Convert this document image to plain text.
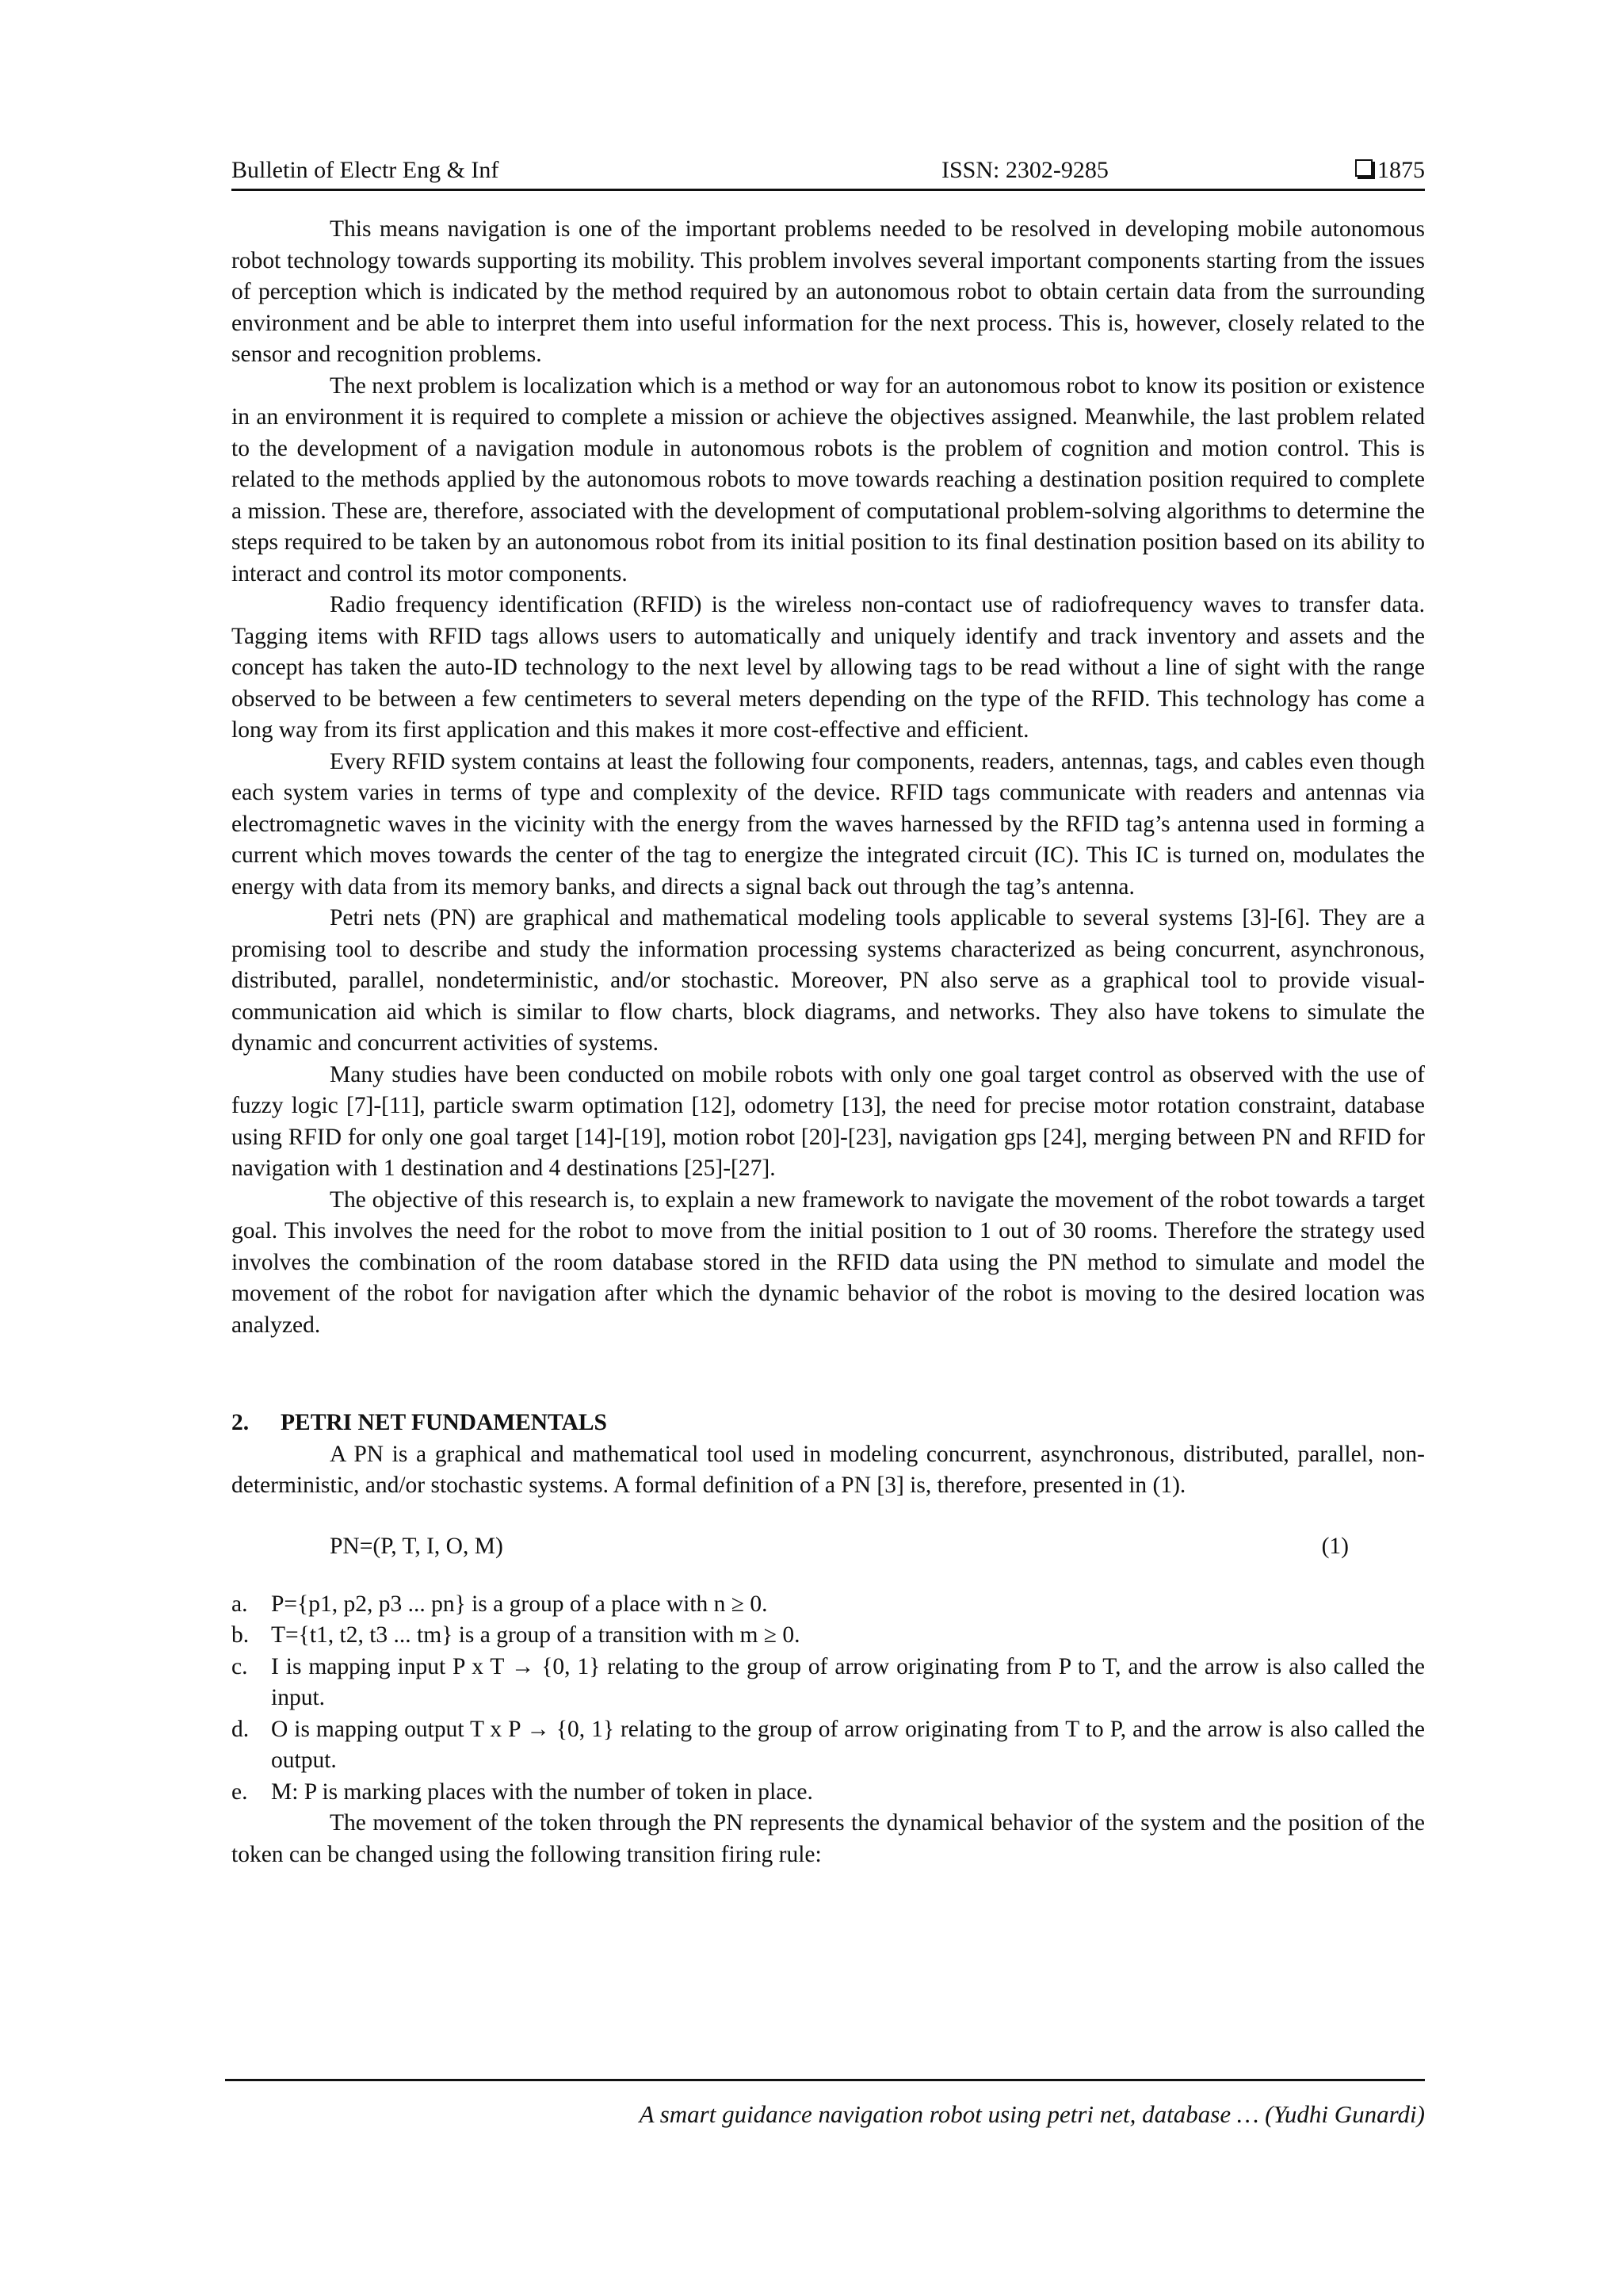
Bulletin of Electr Eng & Inf	ISSN: 2302-9285	1875

This means navigation is one of the important problems needed to be resolved in developing mobile autonomous robot technology towards supporting its mobility. This problem involves several important components starting from the issues of perception which is indicated by the method required by an autonomous robot to obtain certain data from the surrounding environment and be able to interpret them into useful information for the next process. This is, however, closely related to the sensor and recognition problems.

The next problem is localization which is a method or way for an autonomous robot to know its position or existence in an environment it is required to complete a mission or achieve the objectives assigned. Meanwhile, the last problem related to the development of a navigation module in autonomous robots is the problem of cognition and motion control. This is related to the methods applied by the autonomous robots to move towards reaching a destination position required to complete a mission. These are, therefore, associated with the development of computational problem-solving algorithms to determine the steps required to be taken by an autonomous robot from its initial position to its final destination position based on its ability to interact and control its motor components.

Radio frequency identification (RFID) is the wireless non-contact use of radiofrequency waves to transfer data. Tagging items with RFID tags allows users to automatically and uniquely identify and track inventory and assets and the concept has taken the auto-ID technology to the next level by allowing tags to be read without a line of sight with the range observed to be between a few centimeters to several meters depending on the type of the RFID. This technology has come a long way from its first application and this makes it more cost-effective and efficient.

Every RFID system contains at least the following four components, readers, antennas, tags, and cables even though each system varies in terms of type and complexity of the device. RFID tags communicate with readers and antennas via electromagnetic waves in the vicinity with the energy from the waves harnessed by the RFID tag’s antenna used in forming a current which moves towards the center of the tag to energize the integrated circuit (IC). This IC is turned on, modulates the energy with data from its memory banks, and directs a signal back out through the tag’s antenna.

Petri nets (PN) are graphical and mathematical modeling tools applicable to several systems [3]-[6]. They are a promising tool to describe and study the information processing systems characterized as being concurrent, asynchronous, distributed, parallel, nondeterministic, and/or stochastic. Moreover, PN also serve as a graphical tool to provide visual-communication aid which is similar to flow charts, block diagrams, and networks. They also have tokens to simulate the dynamic and concurrent activities of systems.

Many studies have been conducted on mobile robots with only one goal target control as observed with the use of fuzzy logic [7]-[11], particle swarm optimation [12], odometry [13], the need for precise motor rotation constraint, database using RFID for only one goal target [14]-[19], motion robot [20]-[23], navigation gps [24], merging between PN and RFID for navigation with 1 destination and 4 destinations [25]-[27].

The objective of this research is, to explain a new framework to navigate the movement of the robot towards a target goal. This involves the need for the robot to move from the initial position to 1 out of 30 rooms. Therefore the strategy used involves the combination of the room database stored in the RFID data using the PN method to simulate and model the movement of the robot for navigation after which the dynamic behavior of the robot is moving to the desired location was analyzed.

2. PETRI NET FUNDAMENTALS

A PN is a graphical and mathematical tool used in modeling concurrent, asynchronous, distributed, parallel, non-deterministic, and/or stochastic systems. A formal definition of a PN [3] is, therefore, presented in (1).

PN=(P, T, I, O, M)	(1)
a. P={p1, p2, p3 ... pn} is a group of a place with n ≥ 0.
b. T={t1, t2, t3 ... tm} is a group of a transition with m ≥ 0.
c. I is mapping input P x T → {0, 1} relating to the group of arrow originating from P to T, and the arrow is also called the input.
d. O is mapping output T x P → {0, 1} relating to the group of arrow originating from T to P, and the arrow is also called the output.
e. M: P is marking places with the number of token in place.

The movement of the token through the PN represents the dynamical behavior of the system and the position of the token can be changed using the following transition firing rule:

A smart guidance navigation robot using petri net, database … (Yudhi Gunardi)
